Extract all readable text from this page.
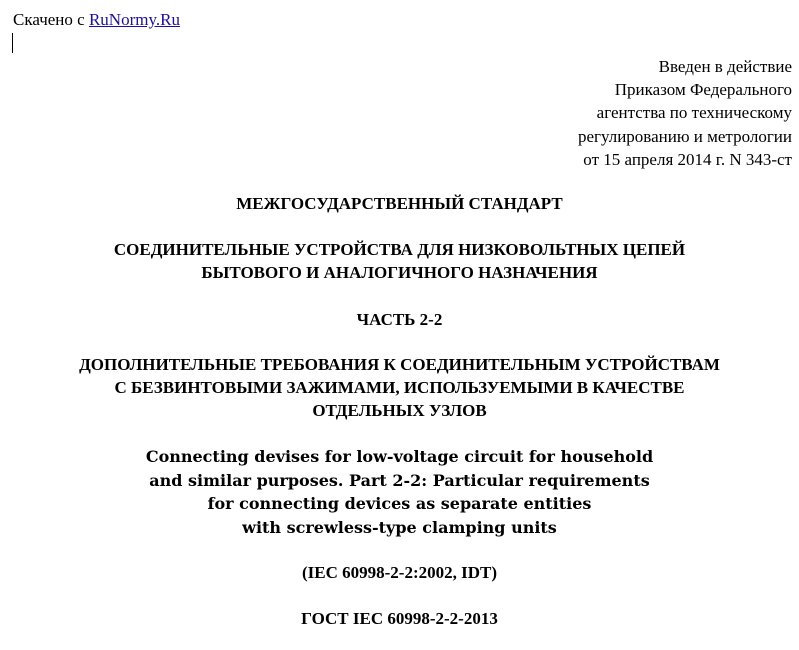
Скачено с RuNormy.Ru
Введен в действие
Приказом Федерального
агентства по техническому
регулированию и метрологии
от 15 апреля 2014 г. N 343-ст
МЕЖГОСУДАРСТВЕННЫЙ СТАНДАРТ
СОЕДИНИТЕЛЬНЫЕ УСТРОЙСТВА ДЛЯ НИЗКОВОЛЬТНЫХ ЦЕПЕЙ
БЫТОВОГО И АНАЛОГИЧНОГО НАЗНАЧЕНИЯ
ЧАСТЬ 2-2
ДОПОЛНИТЕЛЬНЫЕ ТРЕБОВАНИЯ К СОЕДИНИТЕЛЬНЫМ УСТРОЙСТВАМ
С БЕЗВИНТОВЫМИ ЗАЖИМАМИ, ИСПОЛЬЗУЕМЫМИ В КАЧЕСТВЕ
ОТДЕЛЬНЫХ УЗЛОВ
Connecting devises for low-voltage circuit for household
and similar purposes. Part 2-2: Particular requirements
for connecting devices as separate entities
with screwless-type clamping units
(IEC 60998-2-2:2002, IDT)
ГОСТ IEC 60998-2-2-2013
